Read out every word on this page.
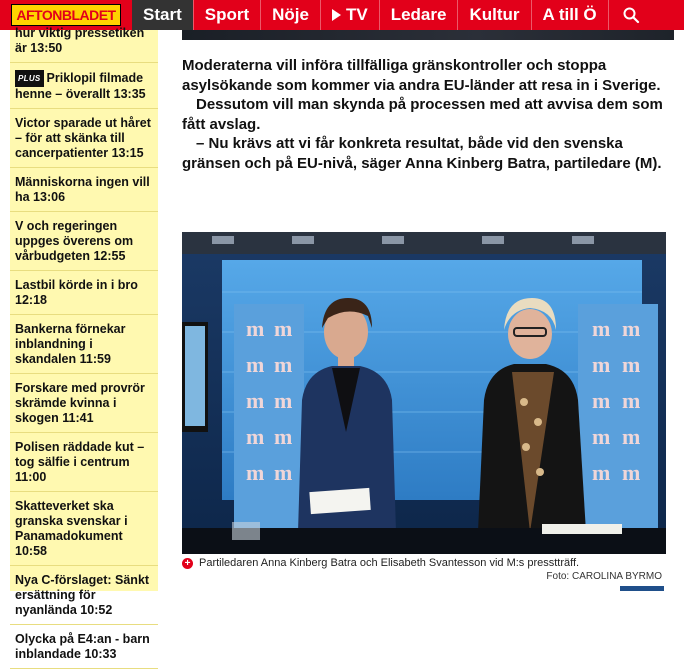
AFTONBLADET	Start	Sport	Nöje	TV	Ledare	Kultur	A till Ö
hur viktig pressetiken är 13:50
PLUS Priklopil filmade henne – överallt 13:35
Victor sparade ut håret – för att skänka till cancerpatienter 13:15
Människorna ingen vill ha 13:06
V och regeringen uppges överens om vårbudgeten 12:55
Lastbil körde in i bro 12:18
Bankerna förnekar inblandning i skandalen 11:59
Forskare med provrör skrämde kvinna i skogen 11:41
Polisen räddade kut – tog sälfie i centrum 11:00
Skatteverket ska granska svenskar i Panamadokument 10:58
Nya C-förslaget: Sänkt ersättning för nyanlända 10:52
Olycka på E4:an - barn inblandade 10:33

Moderaterna vill införa tillfälliga gränskontroller och stoppa asylsökande som kommer via andra EU-länder att resa in i Sverige.

Dessutom vill man skynda på processen med att avvisa dem som fått avslag.

– Nu krävs att vi får konkreta resultat, både vid den svenska gränsen och på EU-nivå, säger Anna Kinberg Batra, partiledare (M).

m m
m m
m m
m m
m m
m m
m m
m m
m m
m m
+ Partiledaren Anna Kinberg Batra och Elisabeth Svantesson vid M:s presstträff.
Foto: CAROLINA BYRMO
